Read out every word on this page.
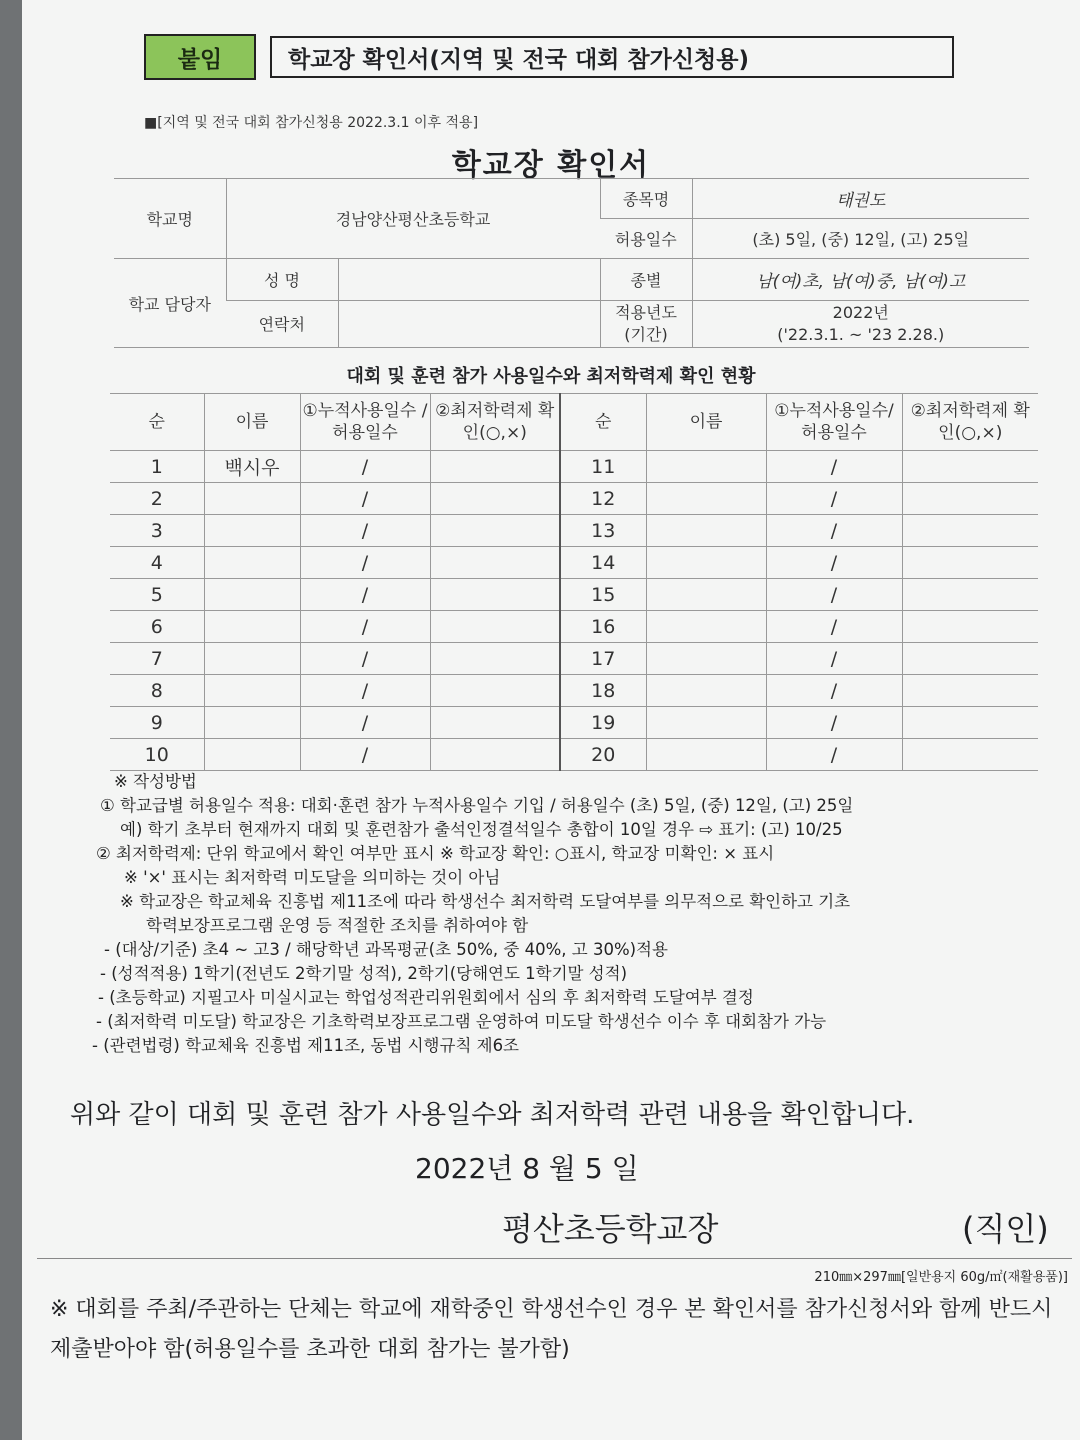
붙임	학교장 확인서(지역 및 전국 대회 참가신청용)
■[지역 및 전국 대회 참가신청용 2022.3.1 이후 적용]
학교장 확인서
학교명	경남양산평산초등학교		종목명	태권도
			허용일수	(초) 5일, (중) 12일, (고) 25일
학교 담당자	성 명		종별	남(여)초, 남(여)중, 남(여)고
	연락처		적용년도 (기간)	2022년
('22.3.1. ~ '23 2.28.)
대회 및 훈련 참가 사용일수와 최저학력제 확인 현황
순	이름	①누적사용일수 /허용일수	②최저학력제 확인(○,×)	순	이름	①누적사용일수/ 허용일수	②최저학력제 확인(○,×)
1	백시우	/		11		/	
2		/		12		/	
3		/		13		/	
4		/		14		/	
5		/		15		/	
6		/		16		/	
7		/		17		/	
8		/		18		/	
9		/		19		/	
10		/		20		/	
※ 작성방법
① 학교급별 허용일수 적용: 대회·훈련 참가 누적사용일수 기입 / 허용일수 (초) 5일, (중) 12일, (고) 25일
예) 학기 초부터 현재까지 대회 및 훈련참가 출석인정결석일수 총합이 10일 경우 ⇨ 표기: (고) 10/25
② 최저학력제: 단위 학교에서 확인 여부만 표시 ※ 학교장 확인: ○표시, 학교장 미확인: × 표시
※ '×' 표시는 최저학력 미도달을 의미하는 것이 아님
※ 학교장은 학교체육 진흥법 제11조에 따라 학생선수 최저학력 도달여부를 의무적으로 확인하고 기초
학력보장프로그램 운영 등 적절한 조치를 취하여야 함
- (대상/기준) 초4 ~ 고3 / 해당학년 과목평균(초 50%, 중 40%, 고 30%)적용
- (성적적용) 1학기(전년도 2학기말 성적), 2학기(당해연도 1학기말 성적)
- (초등학교) 지필고사 미실시교는 학업성적관리위원회에서 심의 후 최저학력 도달여부 결정
- (최저학력 미도달) 학교장은 기초학력보장프로그램 운영하여 미도달 학생선수 이수 후 대회참가 가능
- (관련법령) 학교체육 진흥법 제11조, 동법 시행규칙 제6조
위와 같이 대회 및 훈련 참가 사용일수와 최저학력 관련 내용을 확인합니다.
2022년 8 월 5 일
평산초등학교장	(직인)
210㎜×297㎜[일반용지 60g/㎡(재활용품)]
※ 대회를 주최/주관하는 단체는 학교에 재학중인 학생선수인 경우 본 확인서를 참가신청서와 함께 반드시 제출받아야 함(허용일수를 초과한 대회 참가는 불가함)
